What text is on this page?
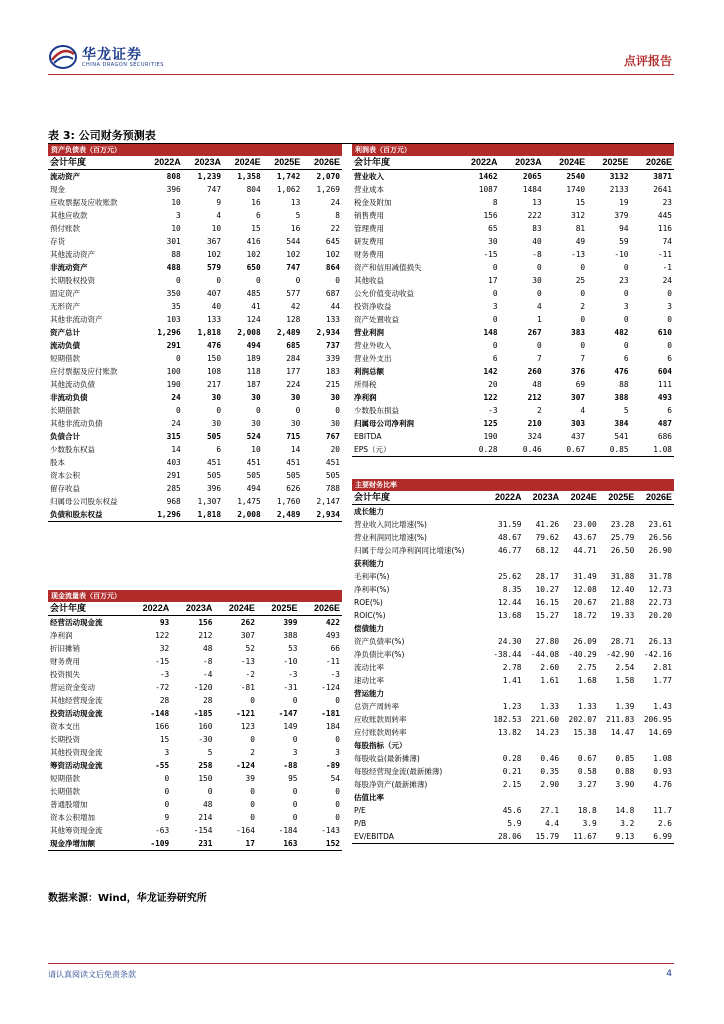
华龙证券
CHINA DRAGON SECURITIES	点评报告
表 3: 公司财务预测表
资产负债表（百万元）
会计年度	2022A	2023A	2024E	2025E	2026E
流动资产	808	1,239	1,358	1,742	2,070
现金	396	747	804	1,062	1,269
应收票据及应收账款	10	9	16	13	24
其他应收款	3	4	6	5	8
预付账款	10	10	15	16	22
存货	301	367	416	544	645
其他流动资产	88	102	102	102	102
非流动资产	488	579	650	747	864
长期股权投资	0	0	0	0	0
固定资产	350	407	485	577	687
无形资产	35	40	41	42	44
其他非流动资产	103	133	124	128	133
资产总计	1,296	1,818	2,008	2,489	2,934
流动负债	291	476	494	685	737
短期借款	0	150	189	284	339
应付票据及应付账款	100	108	118	177	183
其他流动负债	190	217	187	224	215
非流动负债	24	30	30	30	30
长期借款	0	0	0	0	0
其他非流动负债	24	30	30	30	30
负债合计	315	505	524	715	767
少数股东权益	14	6	10	14	20
股本	403	451	451	451	451
资本公积	291	505	505	505	505
留存收益	285	396	494	626	788
归属母公司股东权益	968	1,307	1,475	1,760	2,147
负债和股东权益	1,296	1,818	2,008	2,489	2,934
利润表（百万元）
会计年度	2022A	2023A	2024E	2025E	2026E
营业收入	1462	2065	2540	3132	3871
营业成本	1087	1484	1740	2133	2641
税金及附加	8	13	15	19	23
销售费用	156	222	312	379	445
管理费用	65	83	81	94	116
研发费用	30	40	49	59	74
财务费用	-15	-8	-13	-10	-11
资产和信用减值损失	0	0	0	0	-1
其他收益	17	30	25	23	24
公允价值变动收益	0	0	0	0	0
投资净收益	3	4	2	3	3
资产处置收益	0	1	0	0	0
营业利润	148	267	383	482	610
营业外收入	0	0	0	0	0
营业外支出	6	7	7	6	6
利润总额	142	260	376	476	604
所得税	20	48	69	88	111
净利润	122	212	307	388	493
少数股东损益	-3	2	4	5	6
归属母公司净利润	125	210	303	384	487
EBITDA	190	324	437	541	686
EPS（元）	0.28	0.46	0.67	0.85	1.08
现金流量表（百万元）
会计年度	2022A	2023A	2024E	2025E	2026E
经营活动现金流	93	156	262	399	422
净利润	122	212	307	388	493
折旧摊销	32	48	52	53	66
财务费用	-15	-8	-13	-10	-11
投资损失	-3	-4	-2	-3	-3
营运资金变动	-72	-120	-81	-31	-124
其他经营现金流	28	28	0	0	0
投资活动现金流	-148	-185	-121	-147	-181
资本支出	166	160	123	149	184
长期投资	15	-30	0	0	0
其他投资现金流	3	5	2	3	3
筹资活动现金流	-55	258	-124	-88	-89
短期借款	0	150	39	95	54
长期借款	0	0	0	0	0
普通股增加	0	48	0	0	0
资本公积增加	9	214	0	0	0
其他筹资现金流	-63	-154	-164	-184	-143
现金净增加额	-109	231	17	163	152
主要财务比率
会计年度	2022A	2023A	2024E	2025E	2026E
成长能力					
营业收入同比增速(%)	31.59	41.26	23.00	23.28	23.61
营业利润同比增速(%)	48.67	79.62	43.67	25.79	26.56
归属于母公司净利润同比增速(%)	46.77	68.12	44.71	26.50	26.90
获利能力					
毛利率(%)	25.62	28.17	31.49	31.88	31.78
净利率(%)	8.35	10.27	12.08	12.40	12.73
ROE(%)	12.44	16.15	20.67	21.88	22.73
ROIC(%)	13.68	15.27	18.72	19.33	20.20
偿债能力					
资产负债率(%)	24.30	27.80	26.09	28.71	26.13
净负债比率(%)	-38.44	-44.08	-40.29	-42.90	-42.16
流动比率	2.78	2.60	2.75	2.54	2.81
速动比率	1.41	1.61	1.68	1.58	1.77
营运能力					
总资产周转率	1.23	1.33	1.33	1.39	1.43
应收账款周转率	182.53	221.60	202.07	211.83	206.95
应付账款周转率	13.82	14.23	15.38	14.47	14.69
每股指标（元）					
每股收益(最新摊薄)	0.28	0.46	0.67	0.85	1.08
每股经营现金流(最新摊薄)	0.21	0.35	0.58	0.88	0.93
每股净资产(最新摊薄)	2.15	2.90	3.27	3.90	4.76
估值比率					
P/E	45.6	27.1	18.8	14.8	11.7
P/B	5.9	4.4	3.9	3.2	2.6
EV/EBITDA	28.06	15.79	11.67	9.13	6.99
数据来源：Wind，华龙证券研究所
请认真阅读文后免责条款	4
